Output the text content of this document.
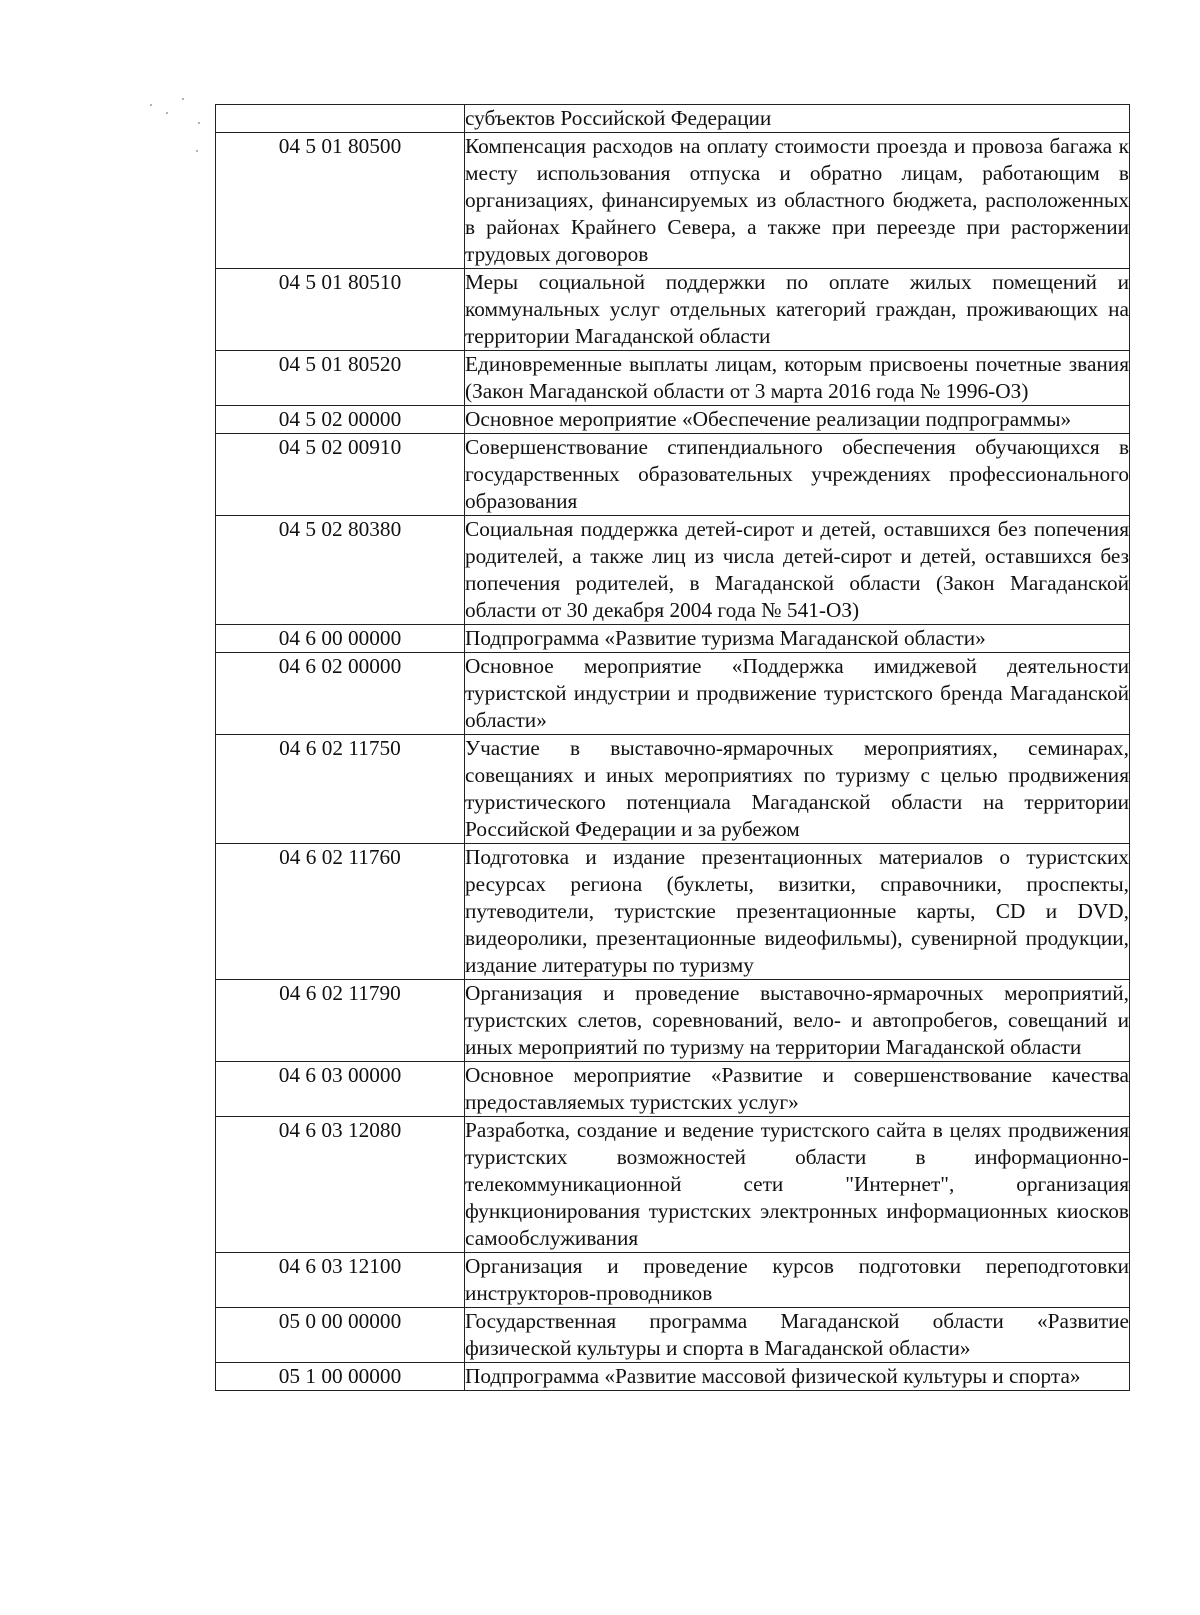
	субъектов Российской Федерации

04 5 01 80500	Компенсация расходов на оплату стоимости проезда и провоза багажа к месту использования отпуска и обратно лицам, работающим в организациях, финансируемых из областного бюджета, расположенных в районах Крайнего Севера, а также при переезде при расторжении трудовых договоров

04 5 01 80510	Меры социальной поддержки по оплате жилых помещений и коммунальных услуг отдельных категорий граждан, проживающих на территории Магаданской области

04 5 01 80520	Единовременные выплаты лицам, которым присвоены почетные звания (Закон Магаданской области от 3 марта 2016 года № 1996-ОЗ)

04 5 02 00000	Основное мероприятие «Обеспечение реализации подпрограммы»

04 5 02 00910	Совершенствование стипендиального обеспечения обучающихся в государственных образовательных учреждениях профессионального образования

04 5 02 80380	Социальная поддержка детей-сирот и детей, оставшихся без попечения родителей, а также лиц из числа детей-сирот и детей, оставшихся без попечения родителей, в Магаданской области (Закон Магаданской области от 30 декабря 2004 года № 541-ОЗ)

04 6 00 00000	Подпрограмма «Развитие туризма Магаданской области»

04 6 02 00000	Основное мероприятие «Поддержка имиджевой деятельности туристской индустрии и продвижение туристского бренда Магаданской области»

04 6 02 11750	Участие в выставочно-ярмарочных мероприятиях, семинарах, совещаниях и иных мероприятиях по туризму с целью продвижения туристического потенциала Магаданской области на территории Российской Федерации и за рубежом

04 6 02 11760	Подготовка и издание презентационных материалов о туристских ресурсах региона (буклеты, визитки, справочники, проспекты, путеводители, туристские презентационные карты, CD и DVD, видеоролики, презентационные видеофильмы), сувенирной продукции, издание литературы по туризму

04 6 02 11790	Организация и проведение выставочно-ярмарочных мероприятий, туристских слетов, соревнований, вело- и автопробегов, совещаний и иных мероприятий по туризму на территории Магаданской области

04 6 03 00000	Основное мероприятие «Развитие и совершенствование качества предоставляемых туристских услуг»

04 6 03 12080	Разработка, создание и ведение туристского сайта в целях продвижения туристских возможностей области в информационно-телекоммуникационной сети "Интернет", организация функционирования туристских электронных информационных киосков самообслуживания

04 6 03 12100	Организация и проведение курсов подготовки переподготовки инструкторов-проводников

05 0 00 00000	Государственная программа Магаданской области «Развитие физической культуры и спорта в Магаданской области»

05 1 00 00000	Подпрограмма «Развитие массовой физической культуры и спорта»
